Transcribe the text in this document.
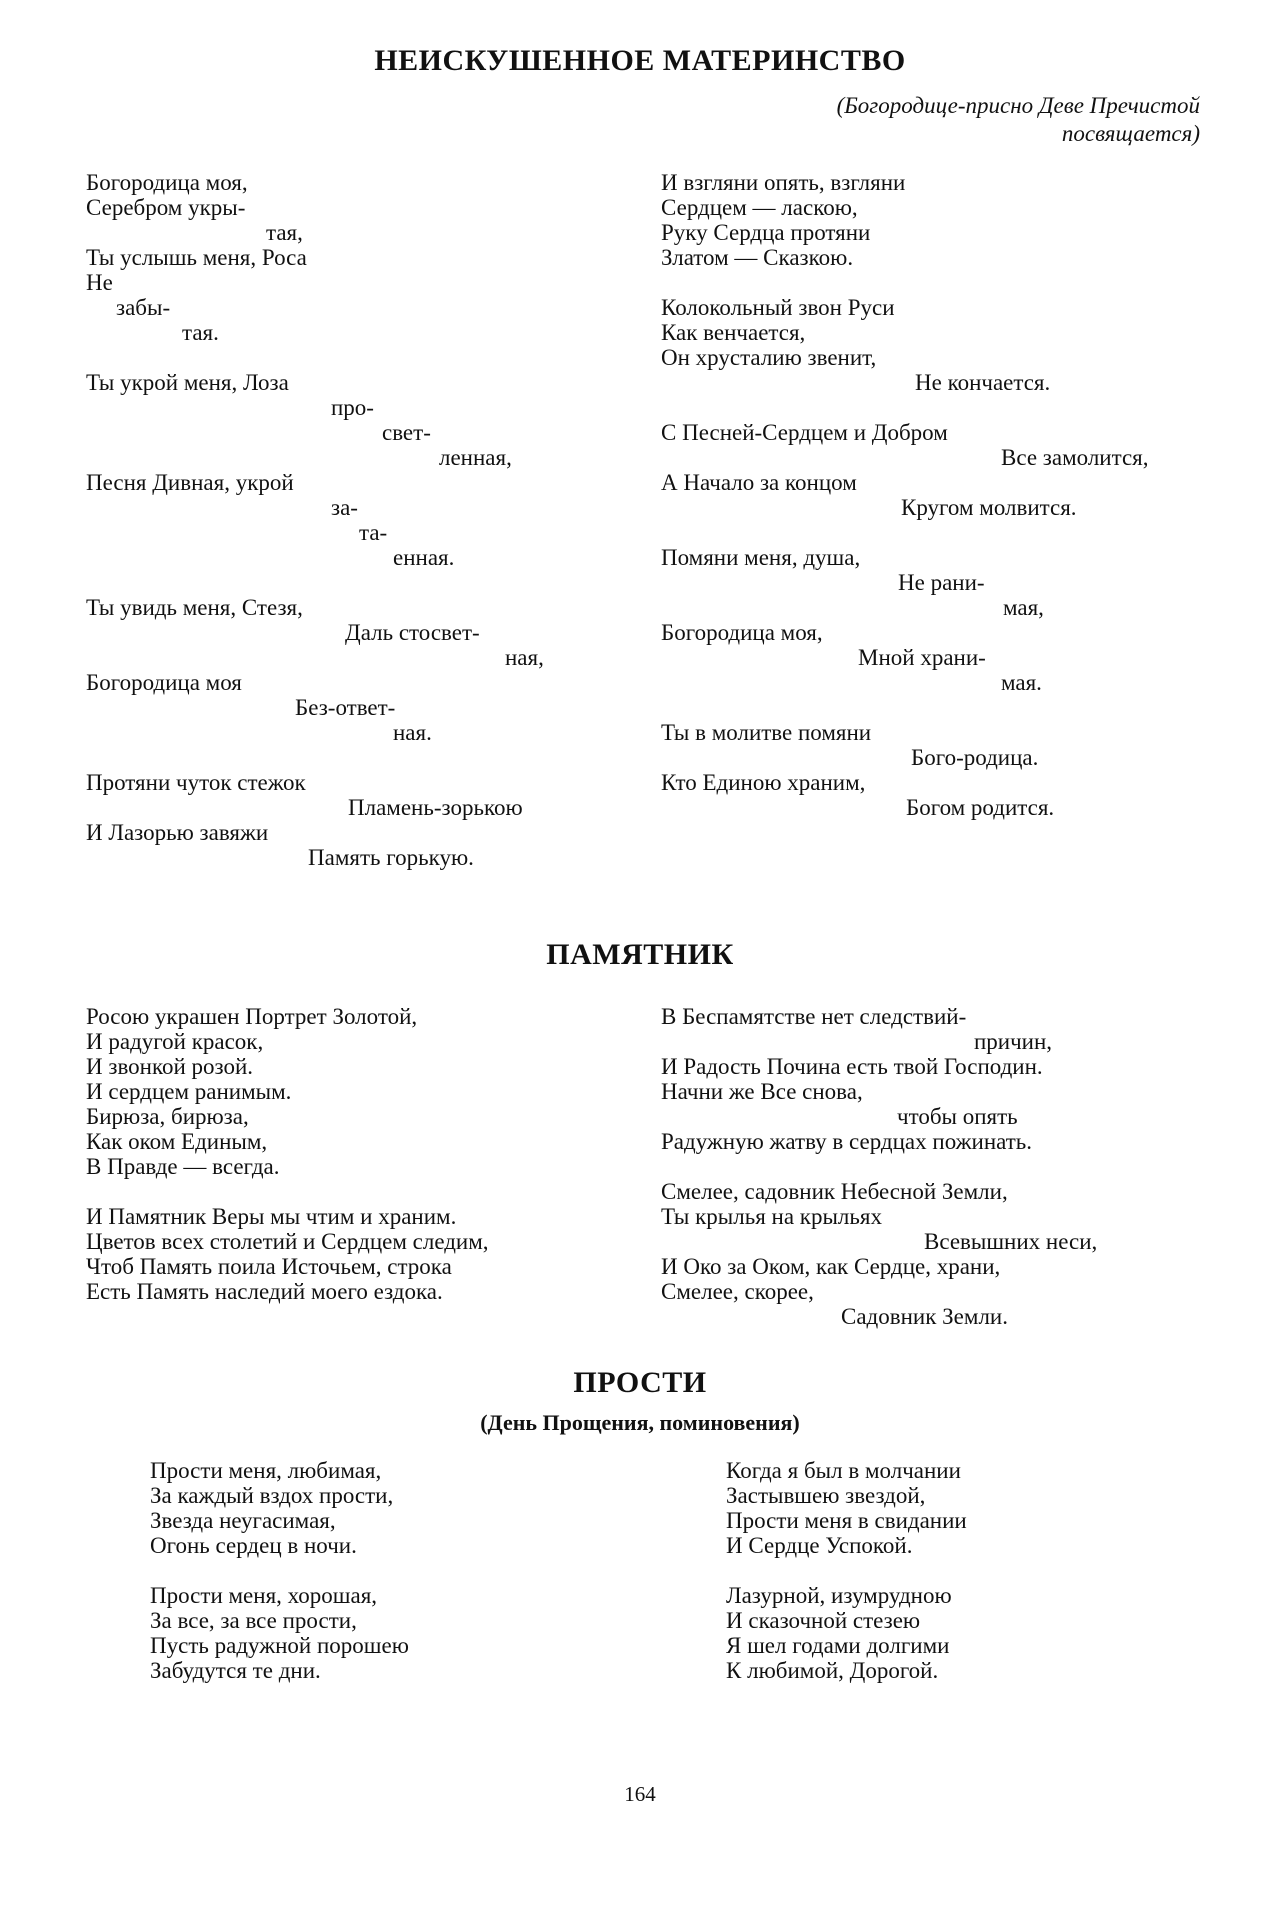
НЕИСКУШЕННОЕ МАТЕРИНСТВО
(Богородице-присно Деве Пречистой
посвящается)
Богородица моя,
Серебром укры-
тая,
Ты услышь меня, Роса
Не
забы-
тая.
Ты укрой меня, Лоза
про-
свет-
ленная,
Песня Дивная, укрой
за-
та-
енная.
Ты увидь меня, Стезя,
Даль стосвет-
ная,
Богородица моя
Без-ответ-
ная.
Протяни чуток стежок
Пламень-зорькою
И Лазорью завяжи
Память горькую.
И взгляни опять, взгляни
Сердцем — ласкою,
Руку Сердца протяни
Златом — Сказкою.
Колокольный звон Руси
Как венчается,
Он хрусталию звенит,
Не кончается.
С Песней-Сердцем и Добром
Все замолится,
А Начало за концом
Кругом молвится.
Помяни меня, душа,
Не рани-
мая,
Богородица моя,
Мной храни-
мая.
Ты в молитве помяни
Бого-родица.
Кто Единою храним,
Богом родится.
ПАМЯТНИК
Росою украшен Портрет Золотой,
И радугой красок,
И звонкой розой.
И сердцем ранимым.
Бирюза, бирюза,
Как оком Единым,
В Правде — всегда.
И Памятник Веры мы чтим и храним.
Цветов всех столетий и Сердцем следим,
Чтоб Память поила Источьем, строка
Есть Память наследий моего ездока.
В Беспамятстве нет следствий-
причин,
И Радость Почина есть твой Господин.
Начни же Все снова,
чтобы опять
Радужную жатву в сердцах пожинать.
Смелее, садовник Небесной Земли,
Ты крылья на крыльях
Всевышних неси,
И Око за Оком, как Сердце, храни,
Смелее, скорее,
Садовник Земли.
ПРОСТИ
(День Прощения, поминовения)
Прости меня, любимая,
За каждый вздох прости,
Звезда неугасимая,
Огонь сердец в ночи.
Прости меня, хорошая,
За все, за все прости,
Пусть радужной порошею
Забудутся те дни.
Когда я был в молчании
Застывшею звездой,
Прости меня в свидании
И Сердце Успокой.
Лазурной, изумрудною
И сказочной стезею
Я шел годами долгими
К любимой, Дорогой.
164
